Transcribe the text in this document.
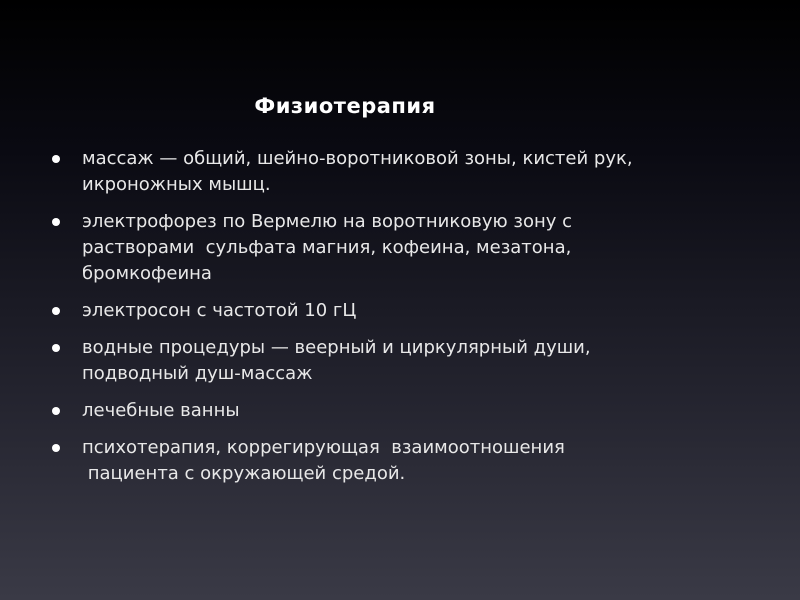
Физиотерапия
массаж — общий, шейно-воротниковой зоны, кистей рук,
икроножных мышц.
электрофорез по Вермелю на воротниковую зону с
растворами  сульфата магния, кофеина, мезатона,
бромкофеина
электросон с частотой 10 гЦ
водные процедуры — веерный и циркулярный души,
подводный душ-массаж
лечебные ванны
психотерапия, коррегирующая  взаимоотношения
пациента с окружающей средой.
